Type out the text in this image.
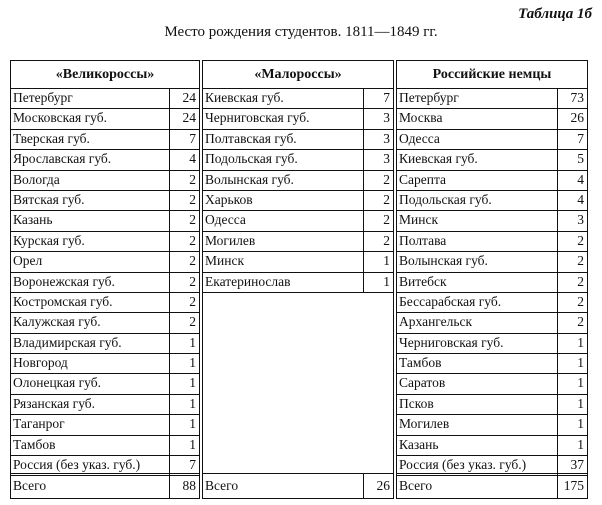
Таблица 1б
Место рождения студентов. 1811—1849 гг.
«Великороссы»
Петербург	24
Московская губ.	24
Тверская губ.	7
Ярославская губ.	4
Вологда	2
Вятская губ.	2
Казань	2
Курская губ.	2
Орел	2
Воронежская губ.	2
Костромская губ.	2
Калужская губ.	2
Владимирская губ.	1
Новгород	1
Олонецкая губ.	1
Рязанская губ.	1
Таганрог	1
Тамбов	1
Россия (без указ. губ.)	7
Всего	88
«Малороссы»
Киевская губ.	7
Черниговская губ.	3
Полтавская губ.	3
Подольская губ.	3
Волынская губ.	2
Харьков	2
Одесса	2
Могилев	2
Минск	1
Екатеринослав	1
Всего	26
Российские немцы
Петербург	73
Москва	26
Одесса	7
Киевская губ.	5
Сарепта	4
Подольская губ.	4
Минск	3
Полтава	2
Волынская губ.	2
Витебск	2
Бессарабская губ.	2
Архангельск	2
Черниговская губ.	1
Тамбов	1
Саратов	1
Псков	1
Могилев	1
Казань	1
Россия (без указ. губ.)	37
Всего	175
